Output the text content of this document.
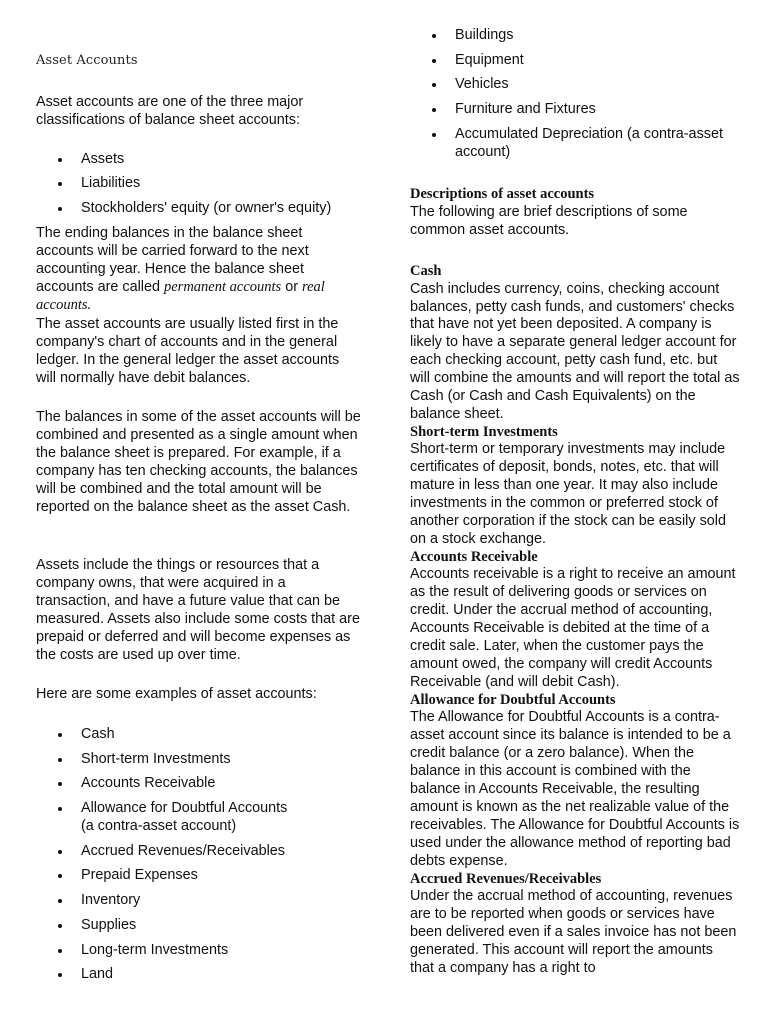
Asset Accounts

Asset accounts are one of the three major classifications of balance sheet accounts:

Assets
Liabilities
Stockholders' equity (or owner's equity)

The ending balances in the balance sheet accounts will be carried forward to the next accounting year. Hence the balance sheet accounts are called permanent accounts or real accounts.

The asset accounts are usually listed first in the company's chart of accounts and in the general ledger. In the general ledger the asset accounts will normally have debit balances.

The balances in some of the asset accounts will be combined and presented as a single amount when the balance sheet is prepared. For example, if a company has ten checking accounts, the balances will be combined and the total amount will be reported on the balance sheet as the asset Cash.

Assets include the things or resources that a company owns, that were acquired in a transaction, and have a future value that can be measured. Assets also include some costs that are prepaid or deferred and will become expenses as the costs are used up over time.

Here are some examples of asset accounts:

Cash
Short-term Investments
Accounts Receivable
Allowance for Doubtful Accounts (a contra-asset account)
Accrued Revenues/Receivables
Prepaid Expenses
Inventory
Supplies
Long-term Investments
Land
Buildings
Equipment
Vehicles
Furniture and Fixtures
Accumulated Depreciation (a contra-asset account)

Descriptions of asset accounts

The following are brief descriptions of some common asset accounts.

Cash

Cash includes currency, coins, checking account balances, petty cash funds, and customers' checks that have not yet been deposited. A company is likely to have a separate general ledger account for each checking account, petty cash fund, etc. but will combine the amounts and will report the total as Cash (or Cash and Cash Equivalents) on the balance sheet.

Short-term Investments

Short-term or temporary investments may include certificates of deposit, bonds, notes, etc. that will mature in less than one year. It may also include investments in the common or preferred stock of another corporation if the stock can be easily sold on a stock exchange.

Accounts Receivable

Accounts receivable is a right to receive an amount as the result of delivering goods or services on credit. Under the accrual method of accounting, Accounts Receivable is debited at the time of a credit sale. Later, when the customer pays the amount owed, the company will credit Accounts Receivable (and will debit Cash).

Allowance for Doubtful Accounts

The Allowance for Doubtful Accounts is a contra-asset account since its balance is intended to be a credit balance (or a zero balance). When the balance in this account is combined with the balance in Accounts Receivable, the resulting amount is known as the net realizable value of the receivables. The Allowance for Doubtful Accounts is used under the allowance method of reporting bad debts expense.

Accrued Revenues/Receivables

Under the accrual method of accounting, revenues are to be reported when goods or services have been delivered even if a sales invoice has not been generated. This account will report the amounts that a company has a right to
